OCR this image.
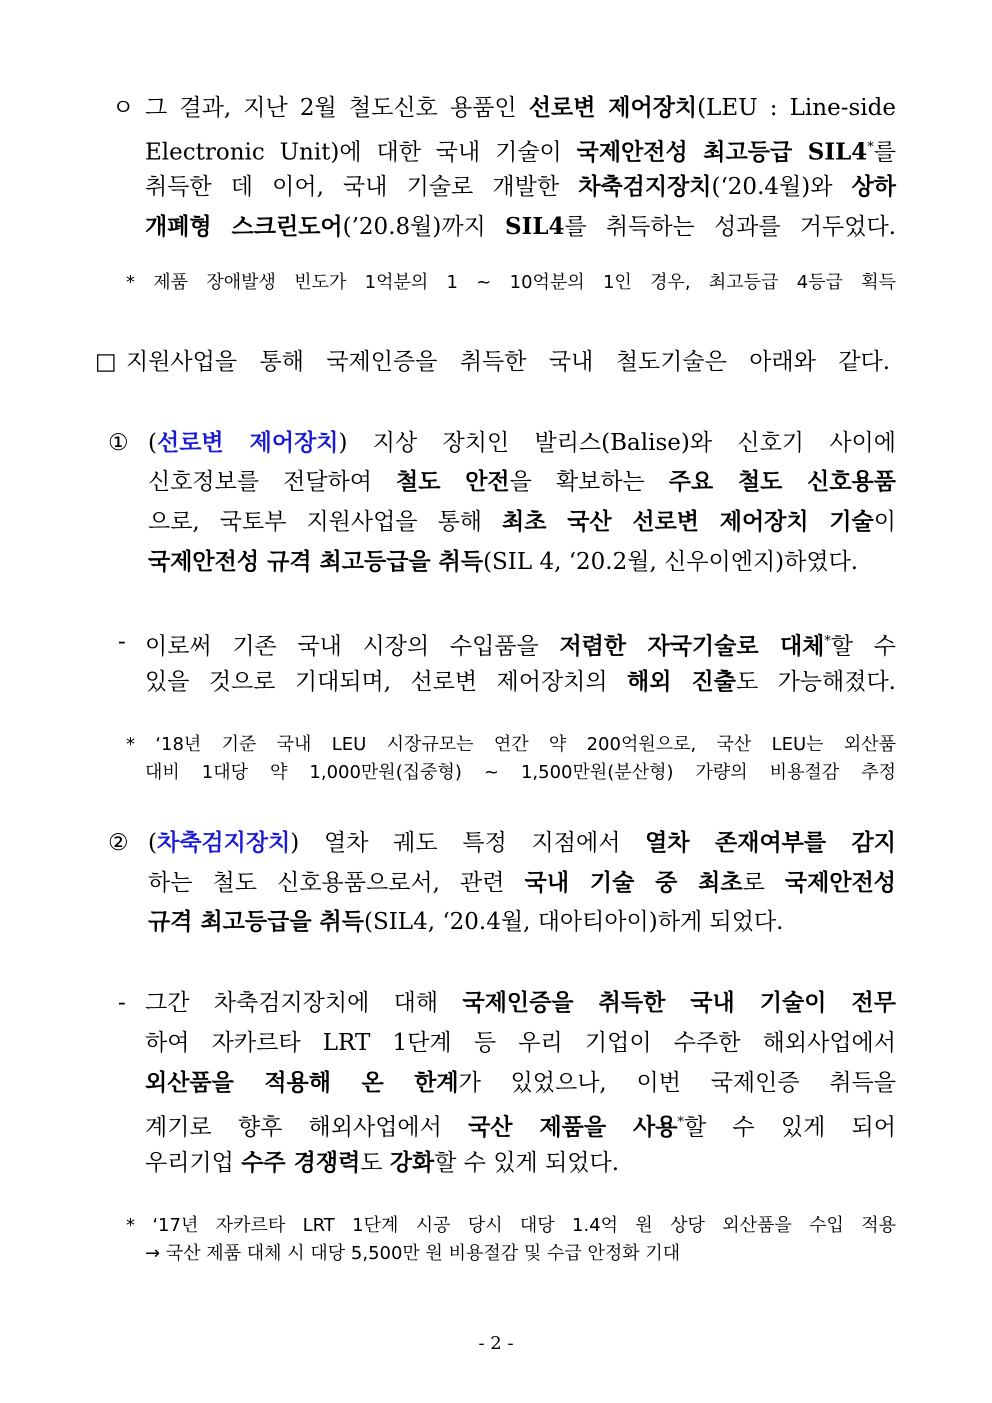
ㅇ 그 결과, 지난 2월 철도신호 용품인 선로변 제어장치(LEU : Line-side
Electronic Unit)에 대한 국내 기술이 국제안전성 최고등급 SIL4*를
취득한 데 이어, 국내 기술로 개발한 차축검지장치(‘20.4월)와 상하
개폐형 스크린도어(’20.8월)까지 SIL4를 취득하는 성과를 거두었다.
* 제품 장애발생 빈도가 1억분의 1 ~ 10억분의 1인 경우, 최고등급 4등급 획득
□ 지원사업을 통해 국제인증을 취득한 국내 철도기술은 아래와 같다.
① (선로변 제어장치) 지상 장치인 발리스(Balise)와 신호기 사이에
신호정보를 전달하여 철도 안전을 확보하는 주요 철도 신호용품
으로, 국토부 지원사업을 통해 최초 국산 선로변 제어장치 기술이
국제안전성 규격 최고등급을 취득(SIL 4, ‘20.2월, 신우이엔지)하였다.
- 이로써 기존 국내 시장의 수입품을 저렴한 자국기술로 대체*할 수
있을 것으로 기대되며, 선로변 제어장치의 해외 진출도 가능해졌다.
* ‘18년 기준 국내 LEU 시장규모는 연간 약 200억원으로, 국산 LEU는 외산품
대비 1대당 약 1,000만원(집중형) ~ 1,500만원(분산형) 가량의 비용절감 추정
② (차축검지장치) 열차 궤도 특정 지점에서 열차 존재여부를 감지
하는 철도 신호용품으로서, 관련 국내 기술 중 최초로 국제안전성
규격 최고등급을 취득(SIL4, ‘20.4월, 대아티아이)하게 되었다.
- 그간 차축검지장치에 대해 국제인증을 취득한 국내 기술이 전무
하여 자카르타 LRT 1단계 등 우리 기업이 수주한 해외사업에서
외산품을 적용해 온 한계가 있었으나, 이번 국제인증 취득을
계기로 향후 해외사업에서 국산 제품을 사용*할 수 있게 되어
우리기업 수주 경쟁력도 강화할 수 있게 되었다.
* ‘17년 자카르타 LRT 1단계 시공 당시 대당 1.4억 원 상당 외산품을 수입 적용
→ 국산 제품 대체 시 대당 5,500만 원 비용절감 및 수급 안정화 기대
- 2 -
